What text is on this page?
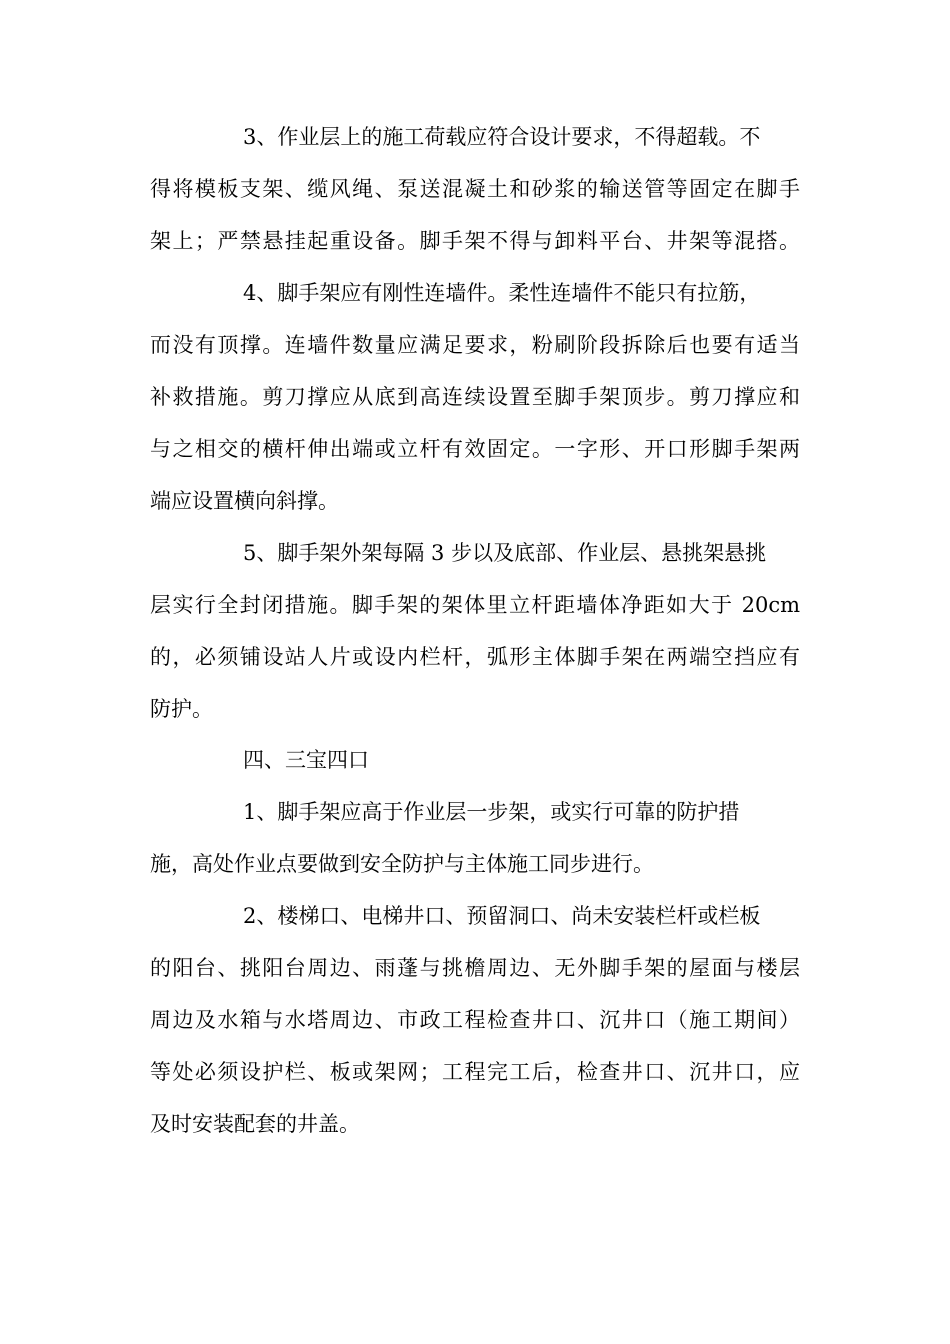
3、作业层上的施工荷载应符合设计要求，不得超载。不
得将模板支架、缆风绳、泵送混凝土和砂浆的输送管等固定在脚手
架上；严禁悬挂起重设备。脚手架不得与卸料平台、井架等混搭。
4、脚手架应有刚性连墙件。柔性连墙件不能只有拉筋，
而没有顶撑。连墙件数量应满足要求，粉刷阶段拆除后也要有适当
补救措施。剪刀撑应从底到高连续设置至脚手架顶步。剪刀撑应和
与之相交的横杆伸出端或立杆有效固定。一字形、开口形脚手架两
端应设置横向斜撑。
5、脚手架外架每隔 3 步以及底部、作业层、悬挑架悬挑
层实行全封闭措施。脚手架的架体里立杆距墙体净距如大于 20cm
的，必须铺设站人片或设内栏杆，弧形主体脚手架在两端空挡应有
防护。
四、三宝四口
1、脚手架应高于作业层一步架，或实行可靠的防护措
施，高处作业点要做到安全防护与主体施工同步进行。
2、楼梯口、电梯井口、预留洞口、尚未安装栏杆或栏板
的阳台、挑阳台周边、雨蓬与挑檐周边、无外脚手架的屋面与楼层
周边及水箱与水塔周边、市政工程检查井口、沉井口（施工期间）
等处必须设护栏、板或架网；工程完工后，检查井口、沉井口，应
及时安装配套的井盖。
